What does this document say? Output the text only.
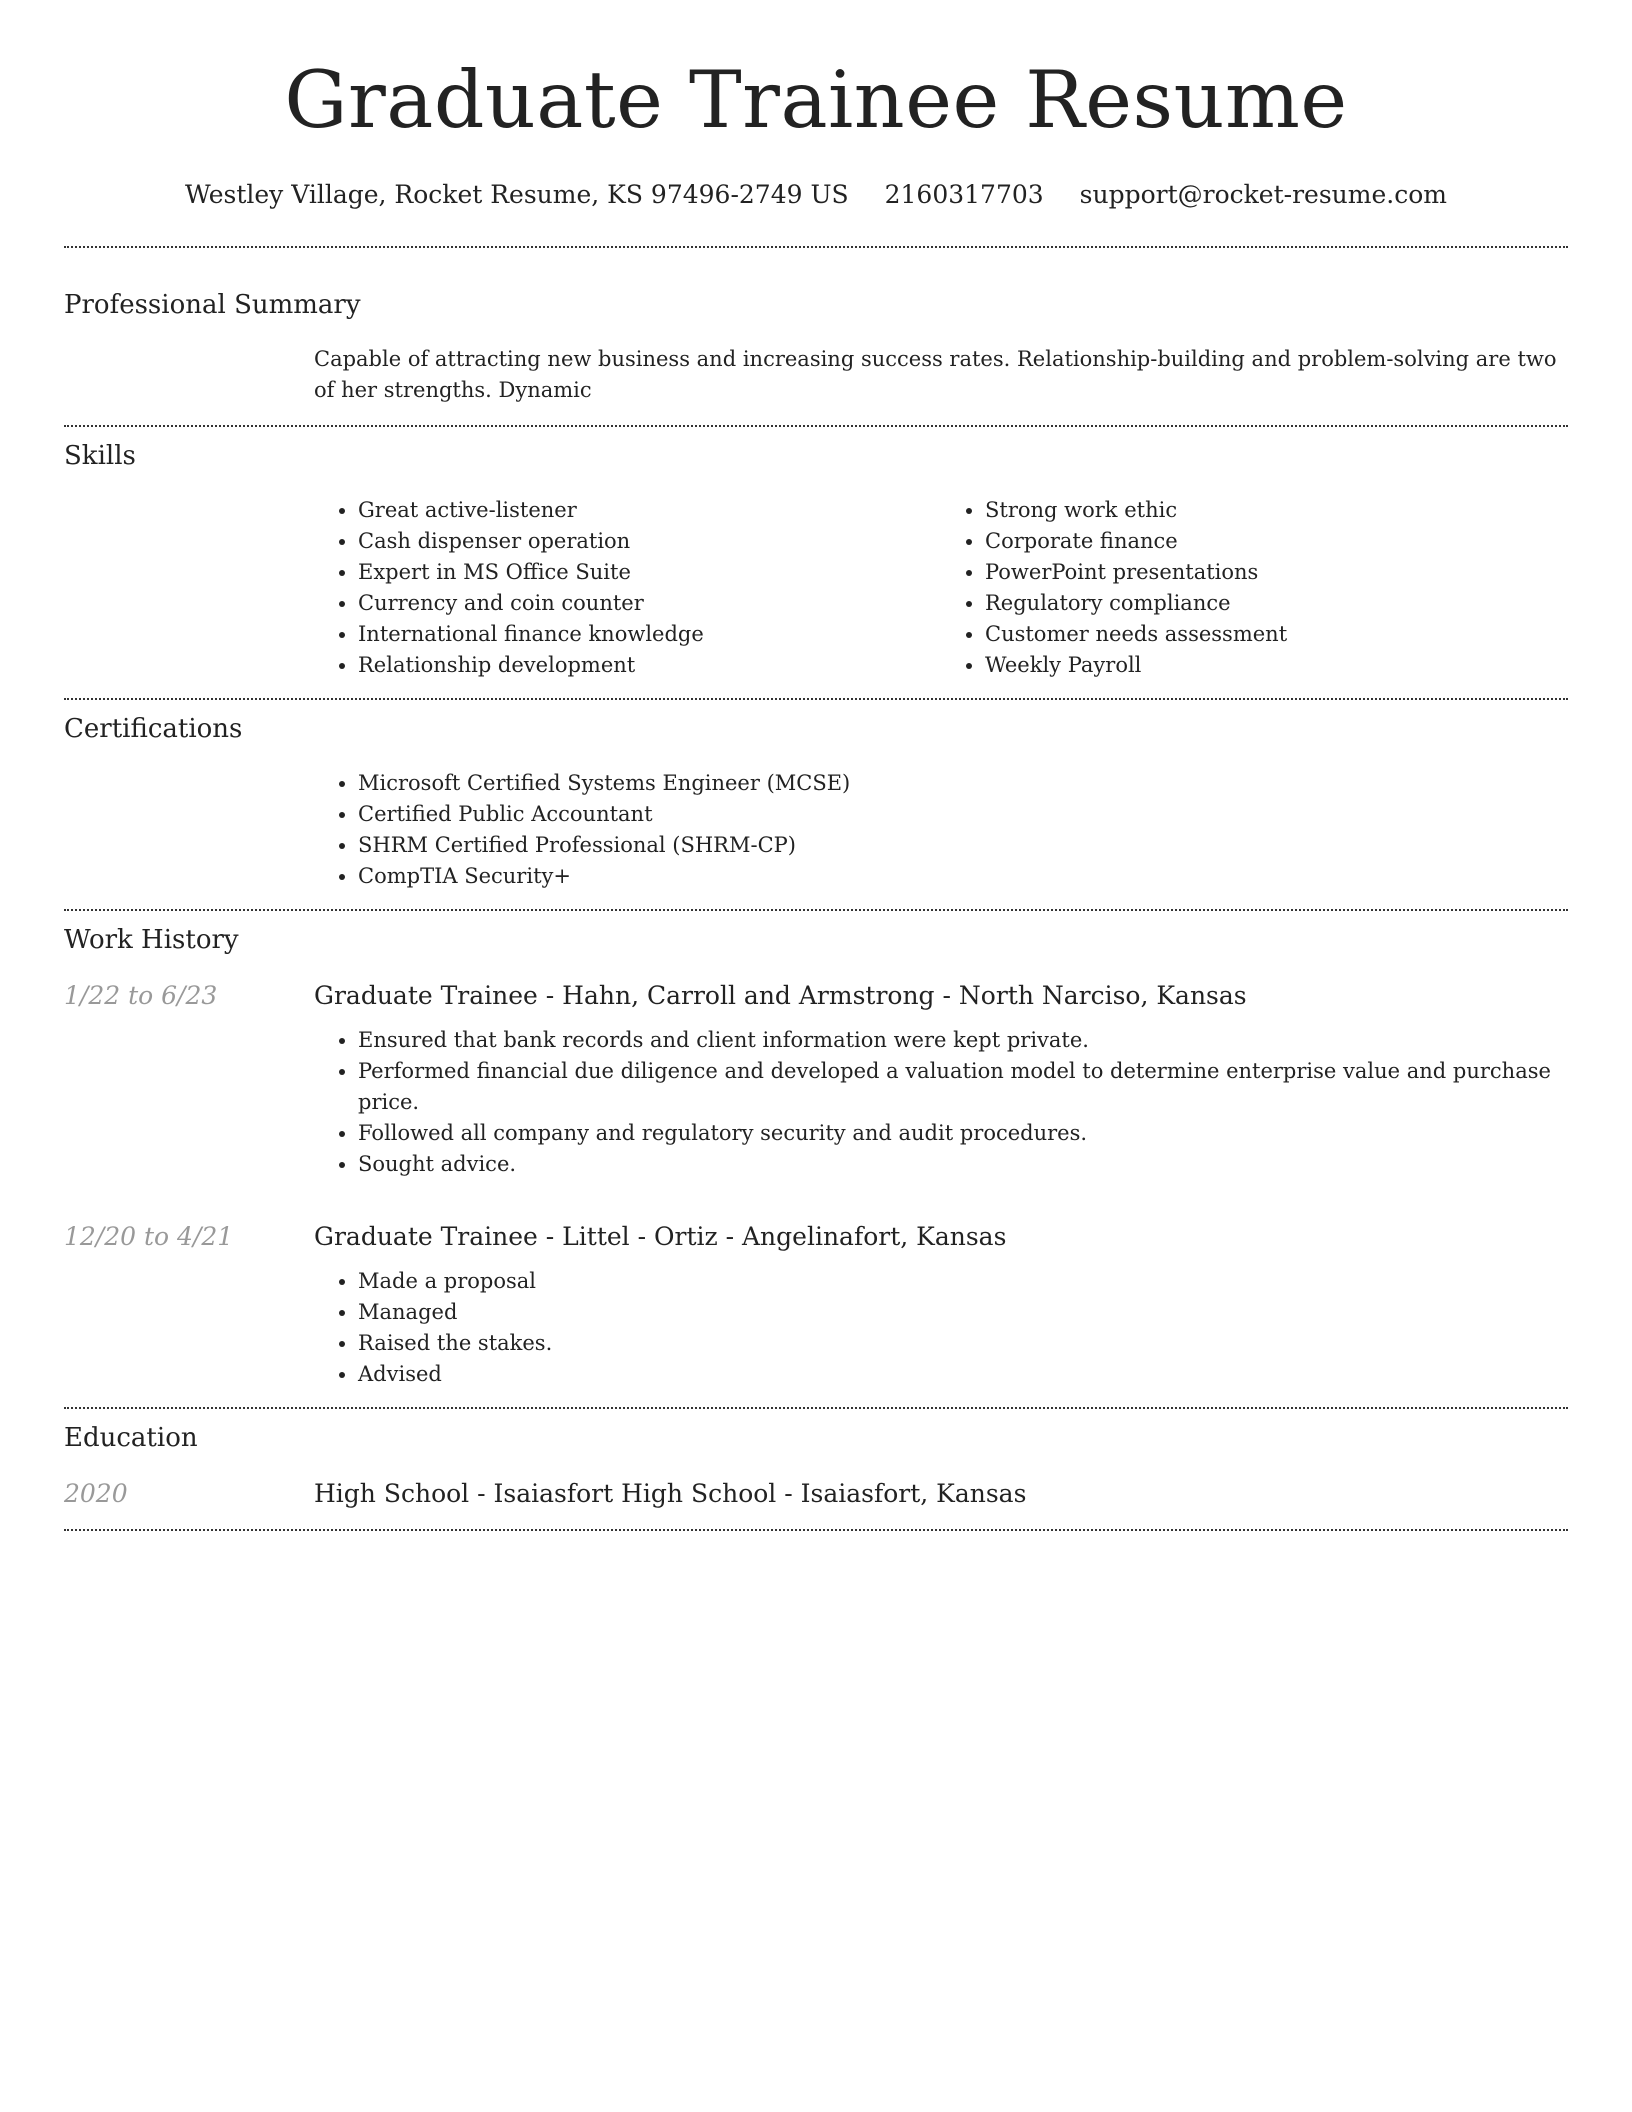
Graduate Trainee Resume
Westley Village, Rocket Resume, KS 97496-2749 US 2160317703 support@rocket-resume.com
Professional Summary

Capable of attracting new business and increasing success rates. Relationship-building and problem-solving are two of her strengths. Dynamic

Skills
• Great active-listener
• Cash dispenser operation
• Expert in MS Office Suite
• Currency and coin counter
• International finance knowledge
• Relationship development
• Strong work ethic
• Corporate finance
• PowerPoint presentations
• Regulatory compliance
• Customer needs assessment
• Weekly Payroll
Certifications
• Microsoft Certified Systems Engineer (MCSE)
• Certified Public Accountant
• SHRM Certified Professional (SHRM-CP)
• CompTIA Security+
Work History
1/22 to 6/23	Graduate Trainee - Hahn, Carroll and Armstrong - North Narciso, Kansas
• Ensured that bank records and client information were kept private.
• Performed financial due diligence and developed a valuation model to determine enterprise value and purchase price.
• Followed all company and regulatory security and audit procedures.
• Sought advice.
12/20 to 4/21	Graduate Trainee - Littel - Ortiz - Angelinafort, Kansas
• Made a proposal
• Managed
• Raised the stakes.
• Advised
Education
2020	High School - Isaiasfort High School - Isaiasfort, Kansas
